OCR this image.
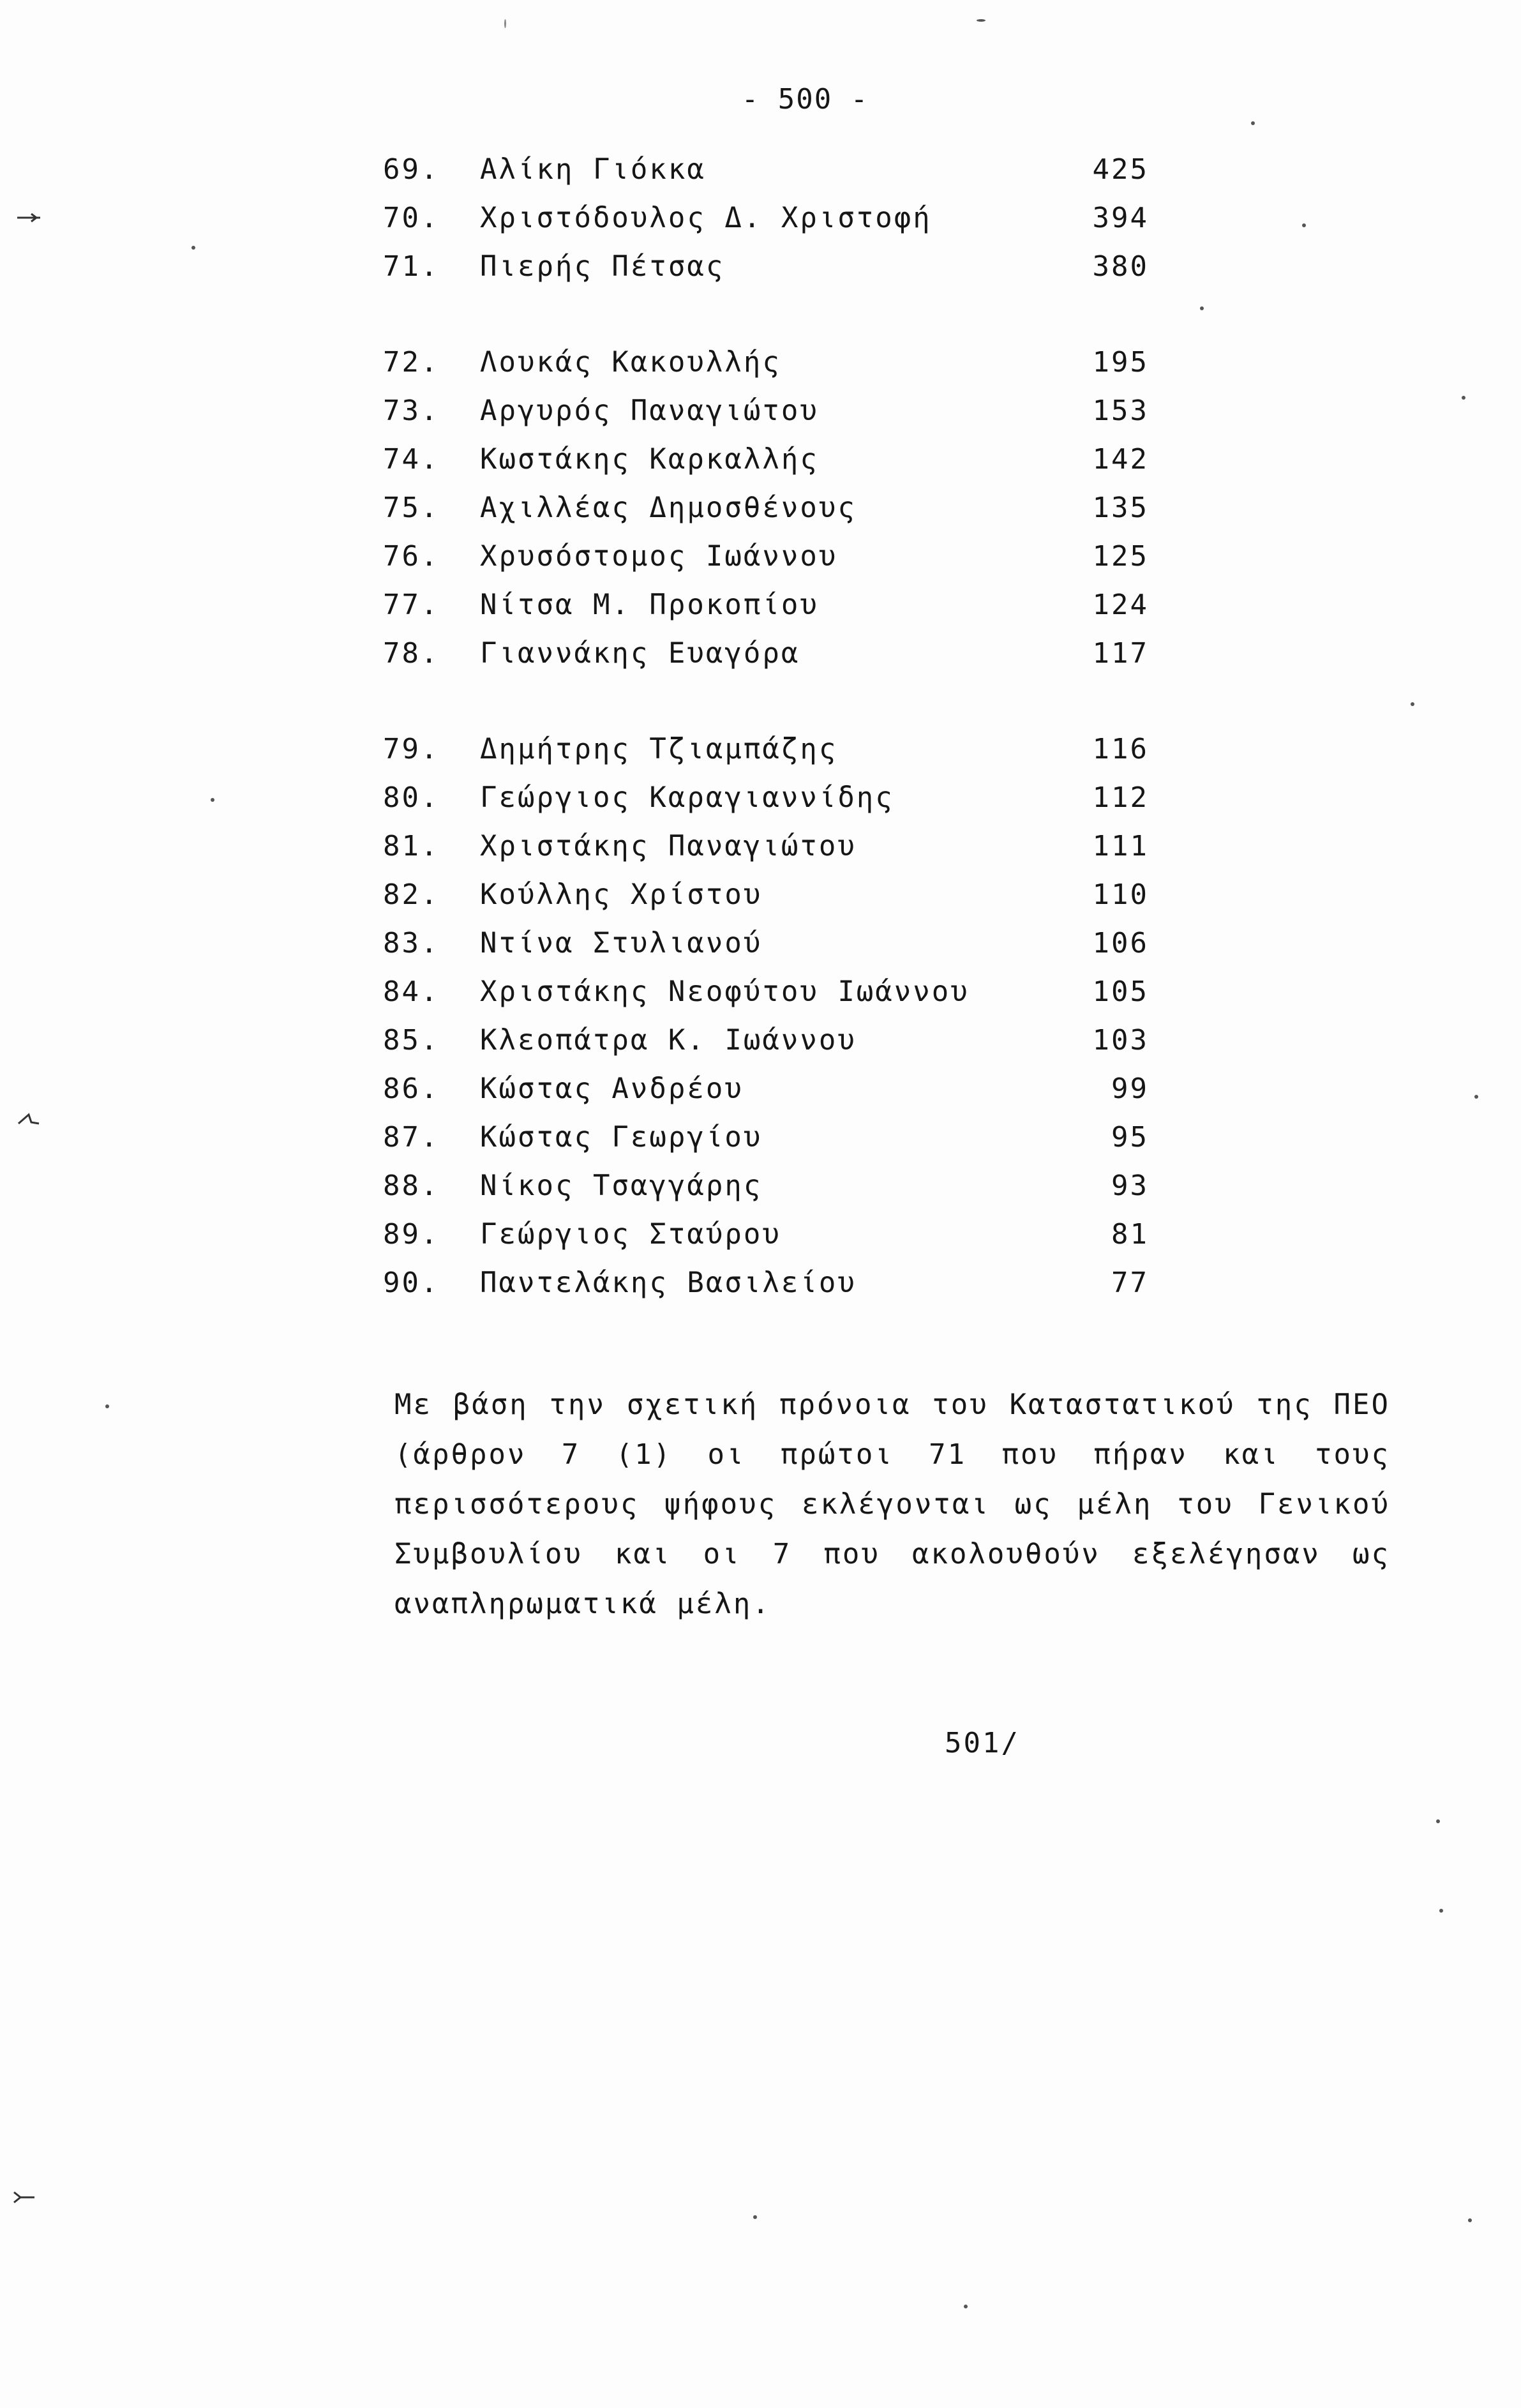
- 500 -
69.	Αλίκη Γιόκκα	425
70.	Χριστόδουλος Δ. Χριστοφή	394
71.	Πιερής Πέτσας	380
72.	Λουκάς Κακουλλής	195
73.	Αργυρός Παναγιώτου	153
74.	Κωστάκης Καρκαλλής	142
75.	Αχιλλέας Δημοσθένους	135
76.	Χρυσόστομος Ιωάννου	125
77.	Νίτσα Μ. Προκοπίου	124
78.	Γιαννάκης Ευαγόρα	117
79.	Δημήτρης Τζιαμπάζης	116
80.	Γεώργιος Καραγιαννίδης	112
81.	Χριστάκης Παναγιώτου	111
82.	Κούλλης Χρίστου	110
83.	Ντίνα Στυλιανού	106
84.	Χριστάκης Νεοφύτου Ιωάννου	105
85.	Κλεοπάτρα Κ. Ιωάννου	103
86.	Κώστας Ανδρέου	99
87.	Κώστας Γεωργίου	95
88.	Νίκος Τσαγγάρης	93
89.	Γεώργιος Σταύρου	81
90.	Παντελάκης Βασιλείου	77
Με βάση την σχετική πρόνοια του Καταστατικού της ΠΕΟ (άρθρον 7 (1) οι πρώτοι 71 που πήραν και τους περισσότερους ψήφους εκλέγονται ως μέλη του Γενικού Συμβουλίου και οι 7 που ακολουθούν εξελέγησαν ως αναπληρωματικά μέλη.
501/
